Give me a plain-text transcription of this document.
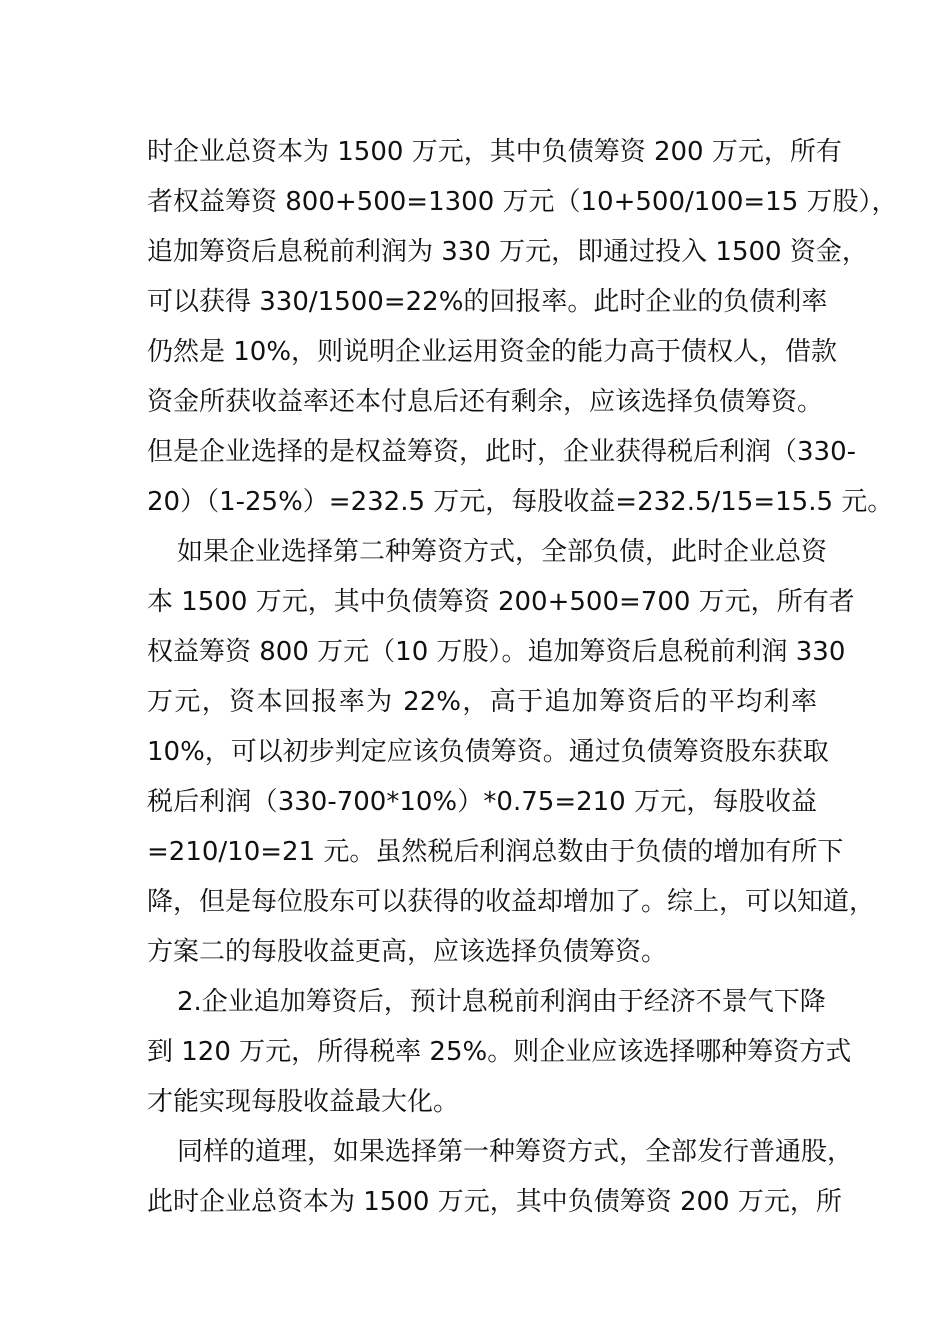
时企业总资本为 1500 万元，其中负债筹资 200 万元，所有
者权益筹资 800+500=1300 万元（10+500/100=15 万股），
追加筹资后息税前利润为 330 万元，即通过投入 1500 资金，
可以获得 330/1500=22%的回报率。此时企业的负债利率
仍然是 10%，则说明企业运用资金的能力高于债权人，借款
资金所获收益率还本付息后还有剩余，应该选择负债筹资。
但是企业选择的是权益筹资，此时，企业获得税后利润（330-
20）（1-25%）=232.5 万元，每股收益=232.5/15=15.5 元。
如果企业选择第二种筹资方式，全部负债，此时企业总资
本 1500 万元，其中负债筹资 200+500=700 万元，所有者
权益筹资 800 万元（10 万股）。追加筹资后息税前利润 330
万元，资本回报率为 22%，高于追加筹资后的平均利率
10%，可以初步判定应该负债筹资。通过负债筹资股东获取
税后利润（330-700*10%）*0.75=210 万元，每股收益
=210/10=21 元。虽然税后利润总数由于负债的增加有所下
降，但是每位股东可以获得的收益却增加了。综上，可以知道，
方案二的每股收益更高，应该选择负债筹资。
2.企业追加筹资后，预计息税前利润由于经济不景气下降
到 120 万元，所得税率 25%。则企业应该选择哪种筹资方式
才能实现每股收益最大化。
同样的道理，如果选择第一种筹资方式，全部发行普通股，
此时企业总资本为 1500 万元，其中负债筹资 200 万元，所
